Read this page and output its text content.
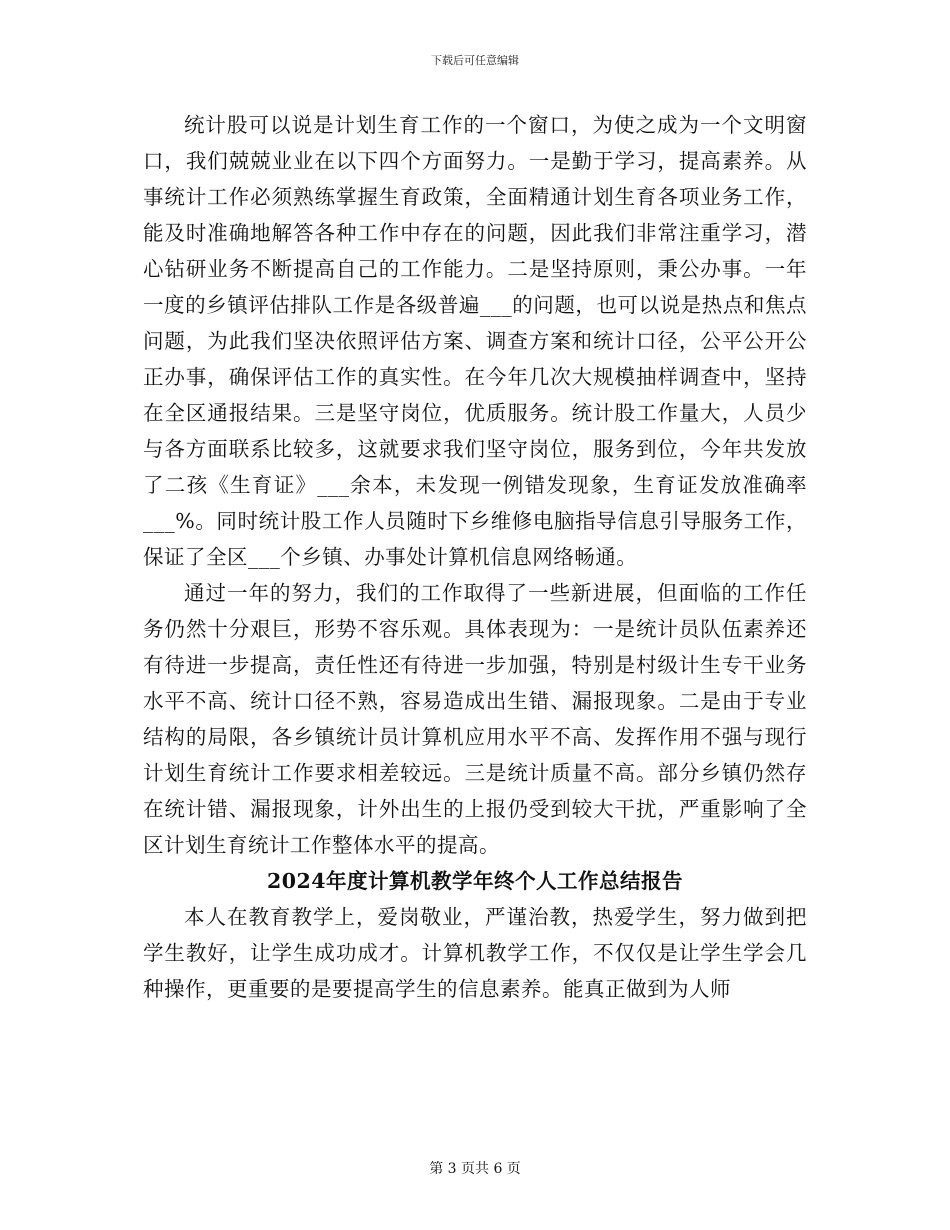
下载后可任意编辑

统计股可以说是计划生育工作的一个窗口，为使之成为一个文明窗口，我们兢兢业业在以下四个方面努力。一是勤于学习，提高素养。从事统计工作必须熟练掌握生育政策，全面精通计划生育各项业务工作，能及时准确地解答各种工作中存在的问题，因此我们非常注重学习，潜心钻研业务不断提高自己的工作能力。二是坚持原则，秉公办事。一年一度的乡镇评估排队工作是各级普遍___的问题，也可以说是热点和焦点问题，为此我们坚决依照评估方案、调查方案和统计口径，公平公开公正办事，确保评估工作的真实性。在今年几次大规模抽样调查中，坚持在全区通报结果。三是坚守岗位，优质服务。统计股工作量大，人员少与各方面联系比较多，这就要求我们坚守岗位，服务到位，今年共发放了二孩《生育证》___余本，未发现一例错发现象，生育证发放准确率___%。同时统计股工作人员随时下乡维修电脑指导信息引导服务工作，保证了全区___个乡镇、办事处计算机信息网络畅通。

通过一年的努力，我们的工作取得了一些新进展，但面临的工作任务仍然十分艰巨，形势不容乐观。具体表现为：一是统计员队伍素养还有待进一步提高，责任性还有待进一步加强，特别是村级计生专干业务水平不高、统计口径不熟，容易造成出生错、漏报现象。二是由于专业结构的局限，各乡镇统计员计算机应用水平不高、发挥作用不强与现行计划生育统计工作要求相差较远。三是统计质量不高。部分乡镇仍然存在统计错、漏报现象，计外出生的上报仍受到较大干扰，严重影响了全区计划生育统计工作整体水平的提高。

2024年度计算机教学年终个人工作总结报告

本人在教育教学上，爱岗敬业，严谨治教，热爱学生，努力做到把学生教好，让学生成功成才。计算机教学工作，不仅仅是让学生学会几种操作，更重要的是要提高学生的信息素养。能真正做到为人师

第 3 页共 6 页
